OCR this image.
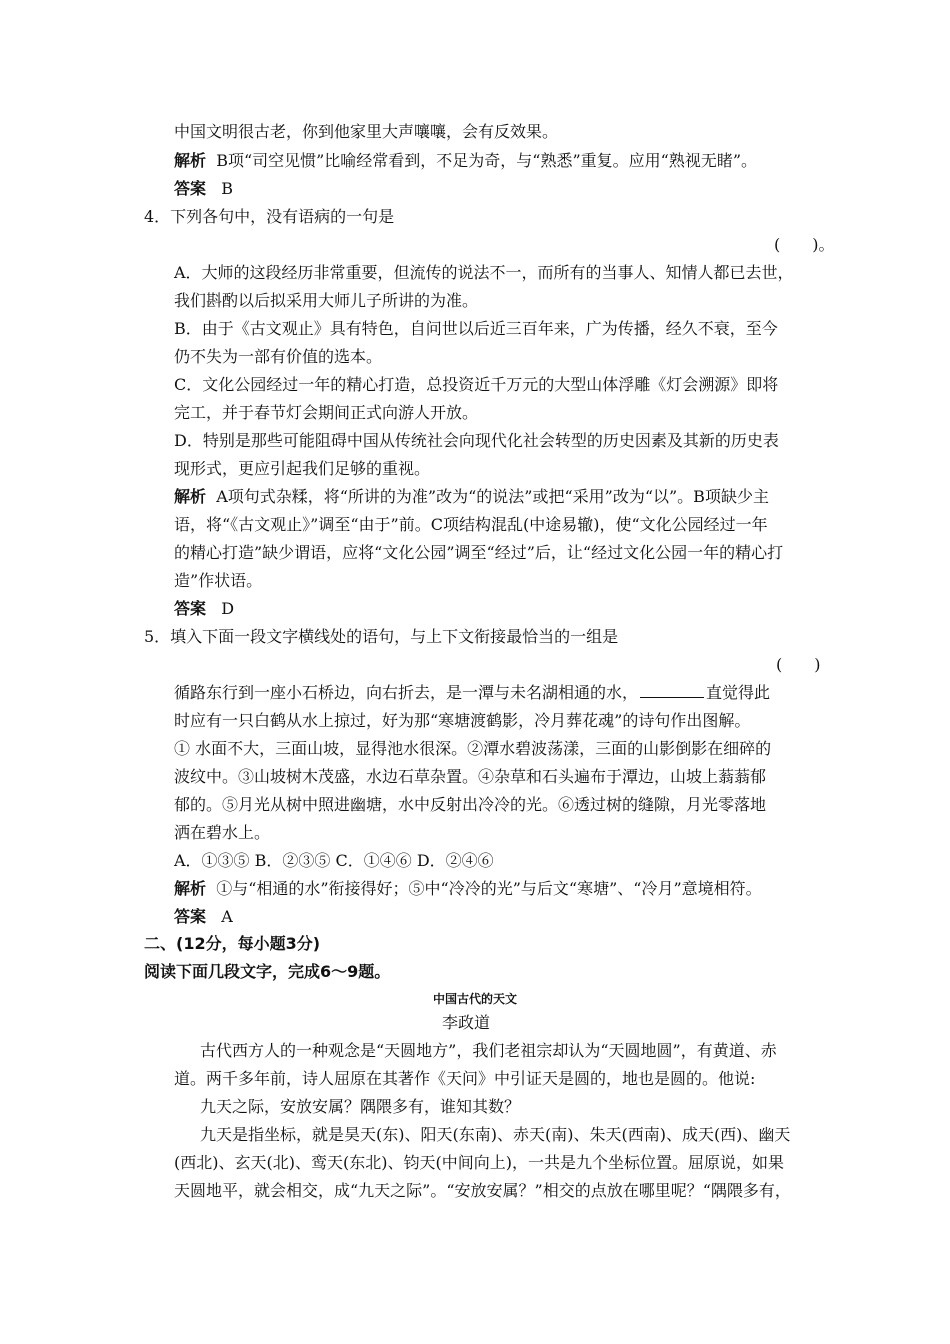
中国文明很古老，你到他家里大声嚷嚷，会有反效果。
解析 B项“司空见惯”比喻经常看到，不足为奇，与“熟悉”重复。应用“熟视无睹”。
答案 B
4．下列各句中，没有语病的一句是
(　　)。
A．大师的这段经历非常重要，但流传的说法不一，而所有的当事人、知情人都已去世，
我们斟酌以后拟采用大师儿子所讲的为准。
B．由于《古文观止》具有特色，自问世以后近三百年来，广为传播，经久不衰，至今
仍不失为一部有价值的选本。
C．文化公园经过一年的精心打造，总投资近千万元的大型山体浮雕《灯会溯源》即将
完工，并于春节灯会期间正式向游人开放。
D．特别是那些可能阻碍中国从传统社会向现代化社会转型的历史因素及其新的历史表
现形式，更应引起我们足够的重视。
解析 A项句式杂糅，将“所讲的为准”改为“的说法”或把“采用”改为“以”。B项缺少主
语，将“《古文观止》”调至“由于”前。C项结构混乱(中途易辙)，使“文化公园经过一年
的精心打造”缺少谓语，应将“文化公园”调至“经过”后，让“经过文化公园一年的精心打
造”作状语。
答案 D
5．填入下面一段文字横线处的语句，与上下文衔接最恰当的一组是
(　　)
循路东行到一座小石桥边，向右折去，是一潭与未名湖相通的水，	直觉得此
时应有一只白鹤从水上掠过，好为那“寒塘渡鹤影，冷月葬花魂”的诗句作出图解。
① 水面不大，三面山坡，显得池水很深。②潭水碧波荡漾，三面的山影倒影在细碎的
波纹中。③山坡树木茂盛，水边石草杂置。④杂草和石头遍布于潭边，山坡上蓊蓊郁
郁的。⑤月光从树中照进幽塘，水中反射出冷冷的光。⑥透过树的缝隙，月光零落地
洒在碧水上。
A．①③⑤ B．②③⑤ C．①④⑥ D．②④⑥
解析 ①与“相通的水”衔接得好；⑤中“冷冷的光”与后文“寒塘”、“冷月”意境相符。
答案 A
二、(12分，每小题3分)
阅读下面几段文字，完成6～9题。
中国古代的天文
李政道
古代西方人的一种观念是“天圆地方”，我们老祖宗却认为“天圆地圆”，有黄道、赤
道。两千多年前，诗人屈原在其著作《天问》中引证天是圆的，地也是圆的。他说:
九天之际，安放安属？隅隈多有，谁知其数？
九天是指坐标，就是昊天(东)、阳天(东南)、赤天(南)、朱天(西南)、成天(西)、幽天
(西北)、玄天(北)、鸾天(东北)、钧天(中间向上)，一共是九个坐标位置。屈原说，如果
天圆地平，就会相交，成“九天之际”。“安放安属？”相交的点放在哪里呢？“隅隈多有，
